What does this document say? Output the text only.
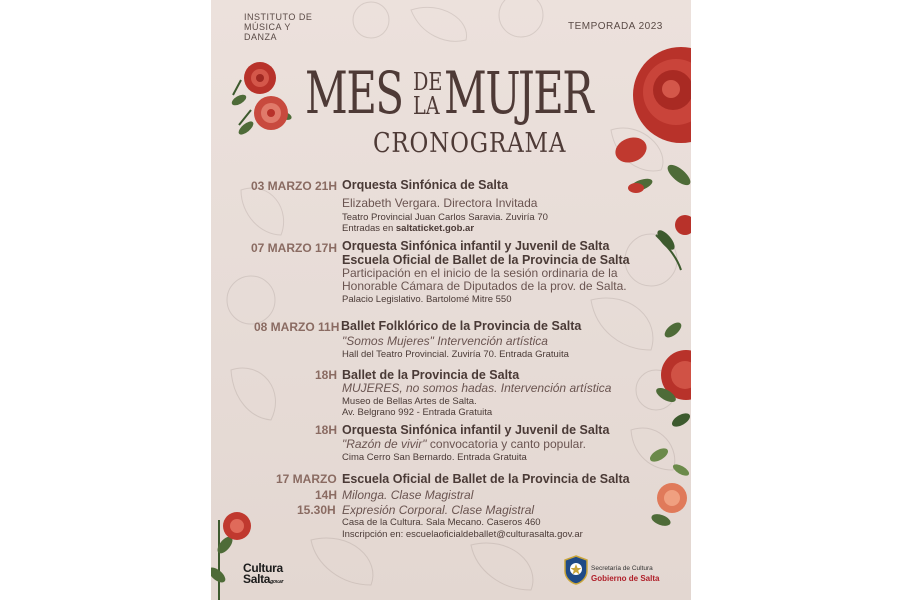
INSTITUTO DE MÚSICA Y DANZA
TEMPORADA 2023
MES DE
LA MUJER
CRONOGRAMA
03 MARZO 21H Orquesta Sinfónica de Salta
Elizabeth Vergara. Directora Invitada
Teatro Provincial Juan Carlos Saravia. Zuviría 70
Entradas en saltaticket.gob.ar
07 MARZO 17H Orquesta Sinfónica infantil y Juvenil de Salta
Escuela Oficial de Ballet de la Provincia de Salta
Participación en el inicio de la sesión ordinaria de la
Honorable Cámara de Diputados de la prov. de Salta.
Palacio Legislativo. Bartolomé Mitre 550
08 MARZO 11H Ballet Folklórico de la Provincia de Salta
"Somos Mujeres" Intervención artística
Hall del Teatro Provincial. Zuviría 70. Entrada Gratuita
18H Ballet de la Provincia de Salta
MUJERES, no somos hadas. Intervención artística
Museo de Bellas Artes de Salta.
Av. Belgrano 992 - Entrada Gratuita
18H Orquesta Sinfónica infantil y Juvenil de Salta
"Razón de vivir" convocatoria y canto popular.
Cima Cerro San Bernardo. Entrada Gratuita
17 MARZO Escuela Oficial de Ballet de la Provincia de Salta
14H Milonga. Clase Magistral
15.30H Expresión Corporal. Clase Magistral
Casa de la Cultura. Sala Mecano. Caseros 460
Inscripción en: escuelaoficialdeballet@culturasalta.gov.ar
Cultura
Saltagov.ar
Secretaría de Cultura
Gobierno de Salta
